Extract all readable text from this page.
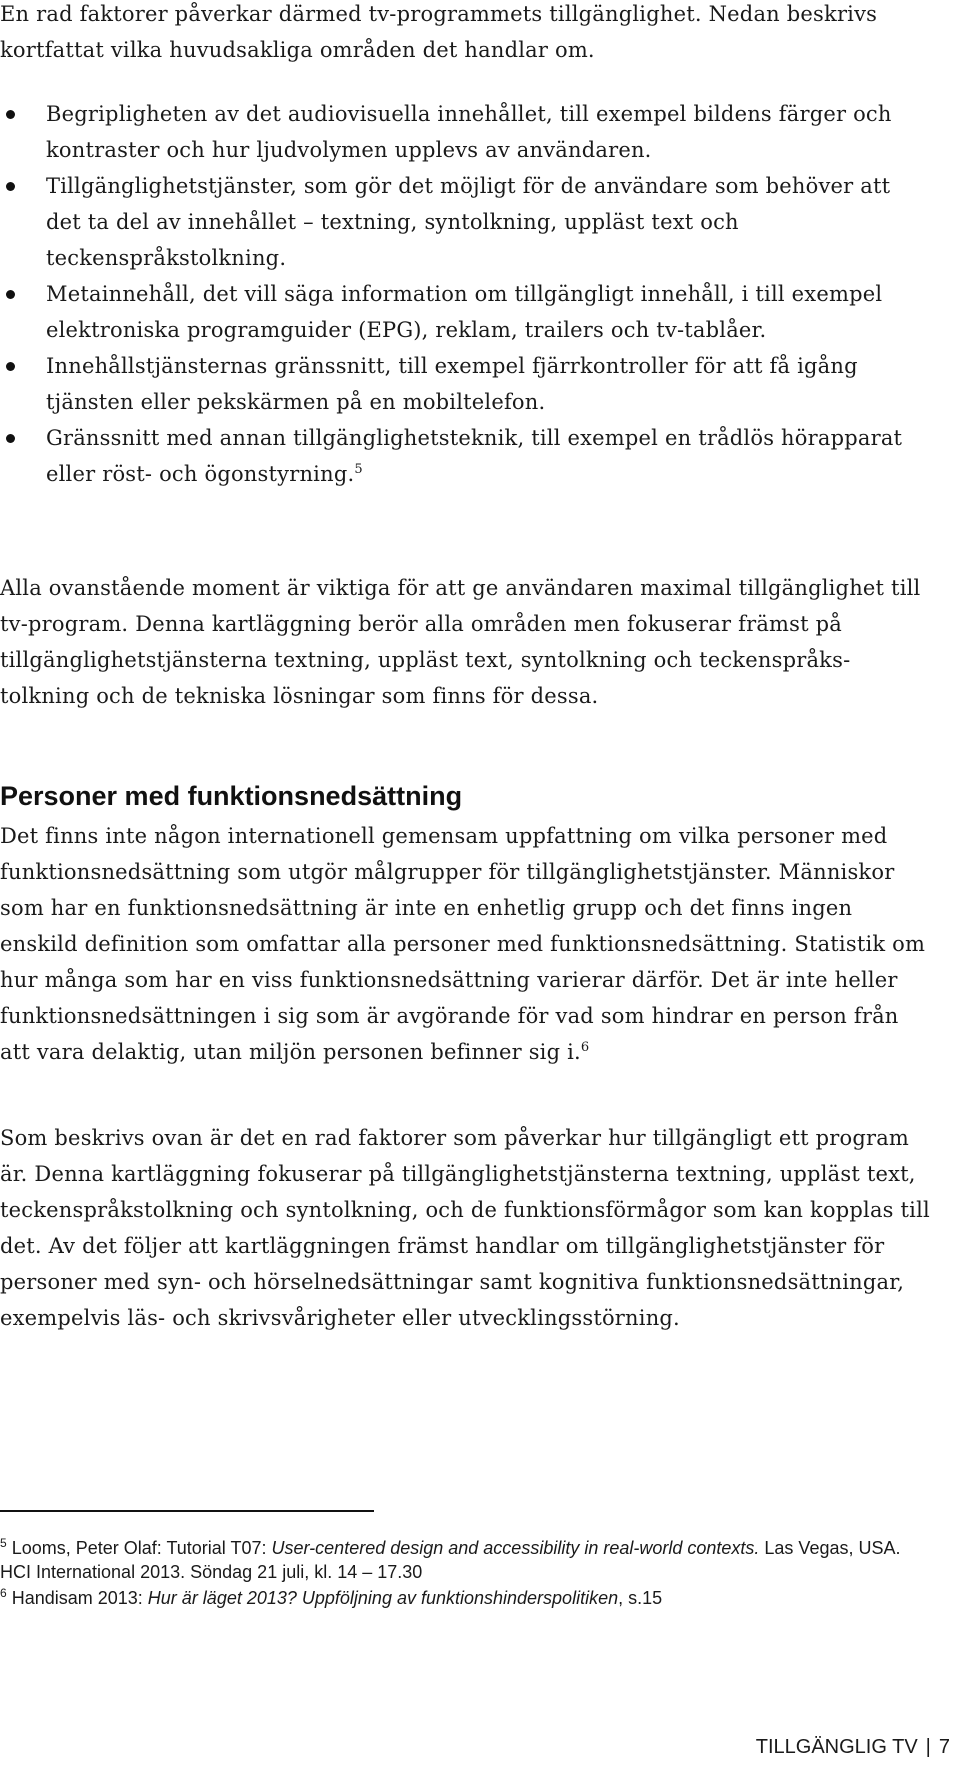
En rad faktorer påverkar därmed tv-programmets tillgänglighet. Nedan beskrivs kortfattat vilka huvudsakliga områden det handlar om.

Begripligheten av det audiovisuella innehållet, till exempel bildens färger och kontraster och hur ljudvolymen upplevs av användaren.
Tillgänglighetstjänster, som gör det möjligt för de användare som behöver att det ta del av innehållet – textning, syntolkning, uppläst text och teckenspråkstolkning.
Metainnehåll, det vill säga information om tillgängligt innehåll, i till exempel elektroniska programguider (EPG), reklam, trailers och tv-tablåer.
Innehållstjänsternas gränssnitt, till exempel fjärrkontroller för att få igång tjänsten eller pekskärmen på en mobiltelefon.
Gränssnitt med annan tillgänglighetsteknik, till exempel en trådlös hörapparat eller röst- och ögonstyrning.$^5$

Alla ovanstående moment är viktiga för att ge användaren maximal tillgänglighet till tv-program. Denna kartläggning berör alla områden men fokuserar främst på tillgänglighetstjänsterna textning, uppläst text, syntolkning och teckenspråks-tolkning och de tekniska lösningar som finns för dessa.

Personer med funktionsnedsättning

Det finns inte någon internationell gemensam uppfattning om vilka personer med funktionsnedsättning som utgör målgrupper för tillgänglighetstjänster. Människor som har en funktionsnedsättning är inte en enhetlig grupp och det finns ingen enskild definition som omfattar alla personer med funktionsnedsättning. Statistik om hur många som har en viss funktionsnedsättning varierar därför. Det är inte heller funktionsnedsättningen i sig som är avgörande för vad som hindrar en person från att vara delaktig, utan miljön personen befinner sig i.$^6$

Som beskrivs ovan är det en rad faktorer som påverkar hur tillgängligt ett program är. Denna kartläggning fokuserar på tillgänglighetstjänsterna textning, uppläst text, teckenspråkstolkning och syntolkning, och de funktionsförmågor som kan kopplas till det. Av det följer att kartläggningen främst handlar om tillgänglighetstjänster för personer med syn- och hörselnedsättningar samt kognitiva funktionsnedsättningar, exempelvis läs- och skrivsvårigheter eller utvecklingsstörning.

$^5$ Looms, Peter Olaf: Tutorial T07: User-centered design and accessibility in real-world contexts. Las Vegas, USA. HCI International 2013. Söndag 21 juli, kl. 14 – 17.30

$^6$ Handisam 2013: Hur är läget 2013? Uppföljning av funktionshinderspolitiken, s.15

TILLGÄNGLIG TV | 7
